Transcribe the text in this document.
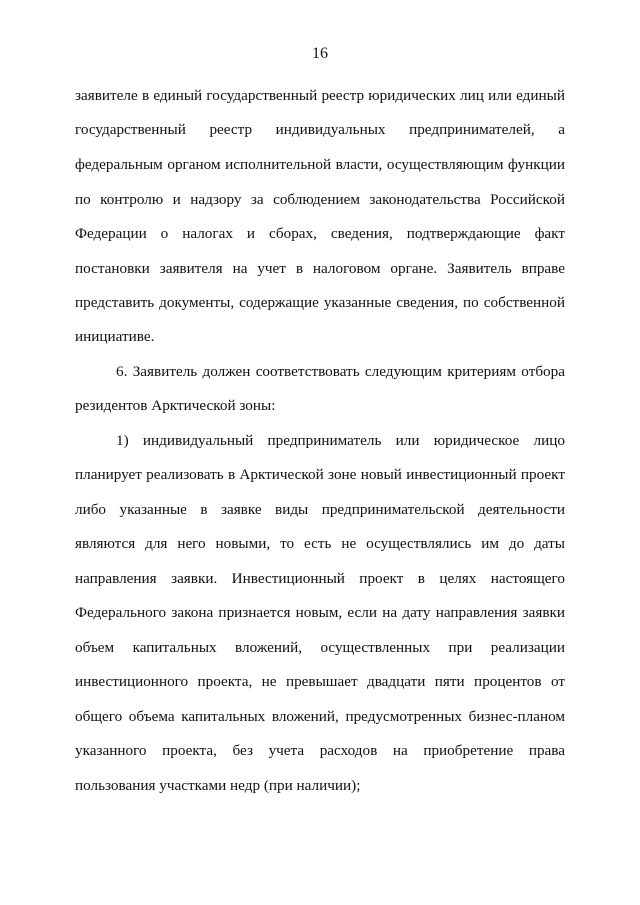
16
заявителе в единый государственный реестр юридических лиц или единый
государственный реестр индивидуальных предпринимателей, а
федеральным органом исполнительной власти, осуществляющим функции
по контролю и надзору за соблюдением законодательства Российской
Федерации о налогах и сборах, сведения, подтверждающие факт
постановки заявителя на учет в налоговом органе. Заявитель вправе
представить документы, содержащие указанные сведения, по собственной
инициативе.
6. Заявитель должен соответствовать следующим критериям отбора
резидентов Арктической зоны:
1) индивидуальный предприниматель или юридическое лицо
планирует реализовать в Арктической зоне новый инвестиционный проект
либо указанные в заявке виды предпринимательской деятельности
являются для него новыми, то есть не осуществлялись им до даты
направления заявки. Инвестиционный проект в целях настоящего
Федерального закона признается новым, если на дату направления заявки
объем капитальных вложений, осуществленных при реализации
инвестиционного проекта, не превышает двадцати пяти процентов от
общего объема капитальных вложений, предусмотренных бизнес-планом
указанного проекта, без учета расходов на приобретение права
пользования участками недр (при наличии);
